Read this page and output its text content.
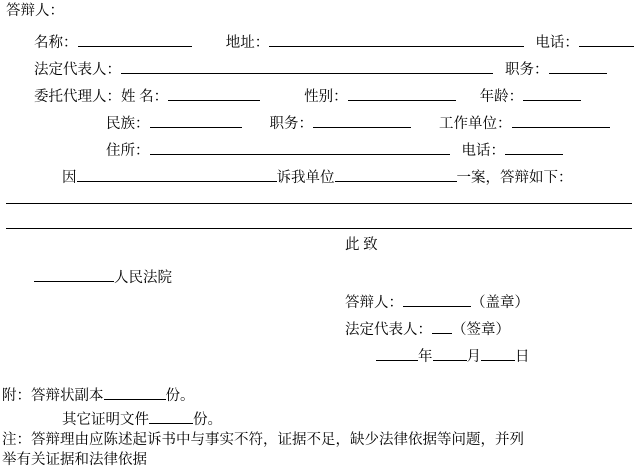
答辩人：
名称：	地址：	电话：
法定代表人：	职务：
委托代理人： 姓 名：	性别：	年龄：
民族：	职务：	工作单位：
住所：	电话：
因	诉我单位	一案，答辩如下：
此 致
人民法院
答辩人：	（盖章）
法定代表人： （签章）
年 月 日
附：答辩状副本	份。
其它证明文件	份。
注：答辩理由应陈述起诉书中与事实不符，证据不足，缺少法律依据等问题，并列
举有关证据和法律依据
